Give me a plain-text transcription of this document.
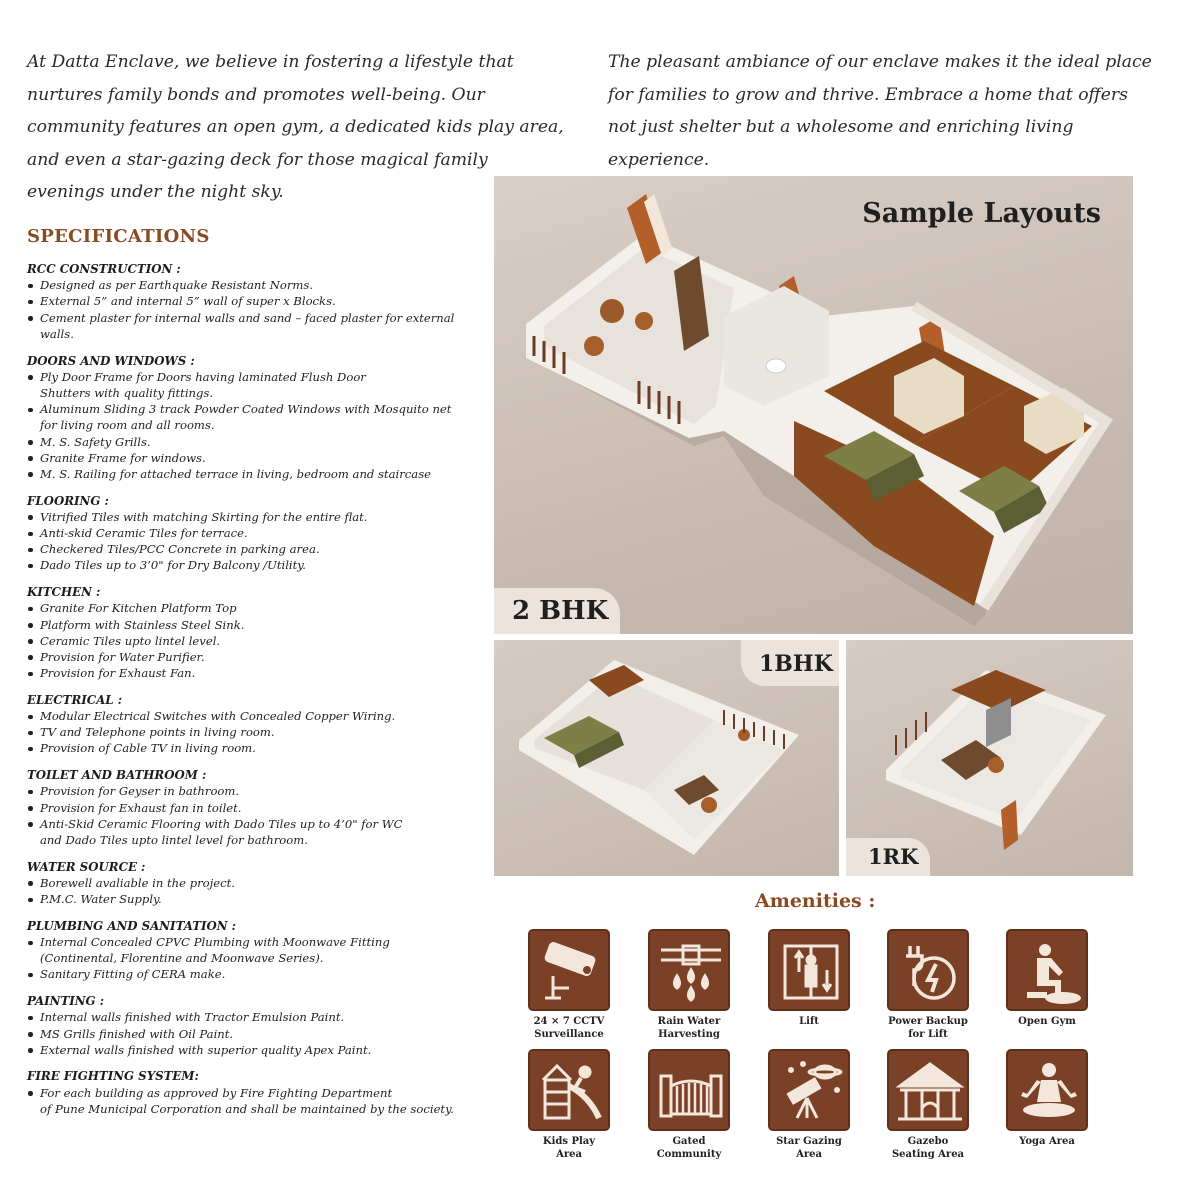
At Datta Enclave, we believe in fostering a lifestyle that nurtures family bonds and promotes well-being. Our community features an open gym, a dedicated kids play area, and even a star-gazing deck for those magical family evenings under the night sky.

The pleasant ambiance of our enclave makes it the ideal place for families to grow and thrive. Embrace a home that offers not just shelter but a wholesome and enriching living experience.

SPECIFICATIONS
RCC CONSTRUCTION :
Designed as per Earthquake Resistant Norms.
External 5” and internal 5” wall of super x Blocks.
Cement plaster for internal walls and sand – faced plaster for external walls.
DOORS AND WINDOWS :
Ply Door Frame for Doors having laminated Flush Door
Shutters with quality fittings.
Aluminum Sliding 3 track Powder Coated Windows with Mosquito net
for living room and all rooms.
M. S. Safety Grills.
Granite Frame for windows.
M. S. Railing for attached terrace in living, bedroom and staircase
FLOORING :
Vitrified Tiles with matching Skirting for the entire flat.
Anti-skid Ceramic Tiles for terrace.
Checkered Tiles/PCC Concrete in parking area.
Dado Tiles up to 3’0" for Dry Balcony /Utility.
KITCHEN :
Granite For Kitchen Platform Top
Platform with Stainless Steel Sink.
Ceramic Tiles upto lintel level.
Provision for Water Purifier.
Provision for Exhaust Fan.
ELECTRICAL :
Modular Electrical Switches with Concealed Copper Wiring.
TV and Telephone points in living room.
Provision of Cable TV in living room.
TOILET AND BATHROOM :
Provision for Geyser in bathroom.
Provision for Exhaust fan in toilet.
Anti-Skid Ceramic Flooring with Dado Tiles up to 4’0" for WC
and Dado Tiles upto lintel level for bathroom.
WATER SOURCE :
Borewell avaliable in the project.
P.M.C. Water Supply.
PLUMBING AND SANITATION :
Internal Concealed CPVC Plumbing with Moonwave Fitting
(Continental, Florentine and Moonwave Series).
Sanitary Fitting of CERA make.
PAINTING :
Internal walls finished with Tractor Emulsion Paint.
MS Grills finished with Oil Paint.
External walls finished with superior quality Apex Paint.
FIRE FIGHTING SYSTEM:
For each building as approved by Fire Fighting Department
of Pune Municipal Corporation and shall be maintained by the society.
Sample Layouts
2 BHK
1BHK
1RK
Amenities :
24 × 7 CCTV
Surveillance
Rain Water
Harvesting
Lift	Power Backup
for Lift
Open Gym
Kids Play
Area
Gated
Community
Star Gazing
Area
Gazebo
Seating Area
Yoga Area
